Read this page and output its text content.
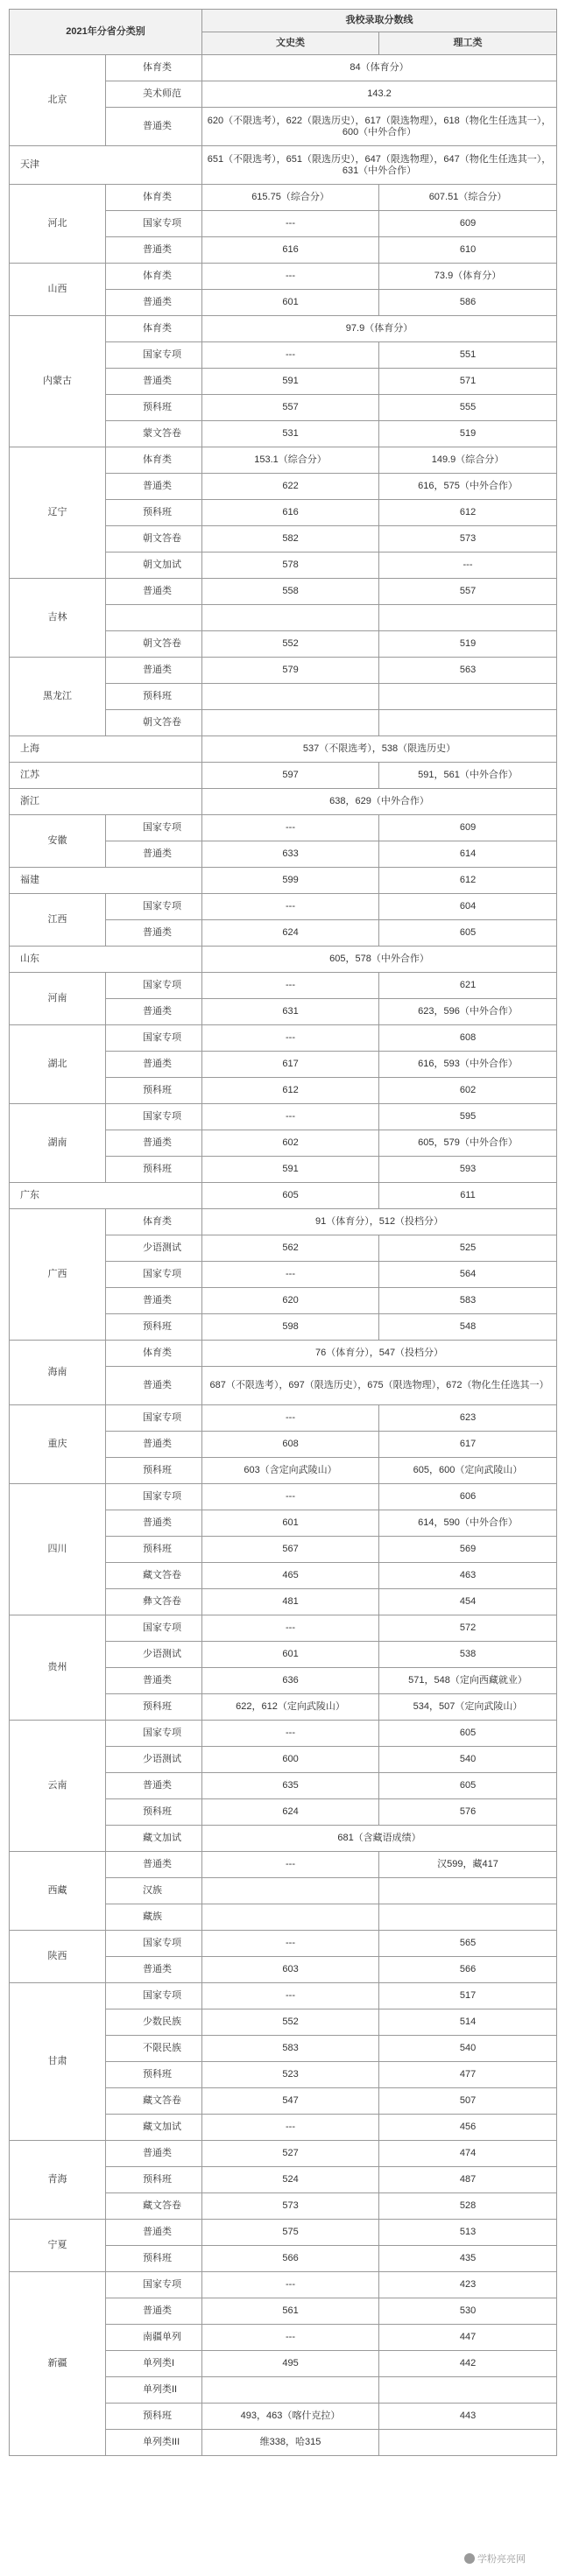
2021年分省分类别		我校录取分数线	
		文史类	理工类
北京	体育类	84（体育分）	
	美术师范	143.2	
	普通类	620（不限选考），622（限选历史），617（限选物理），618（物化生任选其一），600（中外合作）	
天津		651（不限选考），651（限选历史），647（限选物理），647（物化生任选其一），631（中外合作）	
河北	体育类	615.75（综合分）	607.51（综合分）
	国家专项	---	609
	普通类	616	610
山西	体育类	---	73.9（体育分）
	普通类	601	586
内蒙古	体育类	97.9（体育分）	
	国家专项	---	551
	普通类	591	571
	预科班	557	555
	蒙文答卷	531	519
辽宁	体育类	153.1（综合分）	149.9（综合分）
	普通类	622	616，575（中外合作）
	预科班	616	612
	朝文答卷	582	573
	朝文加试	578	---
吉林	普通类	558	557

	朝文答卷	552	519
黑龙江	普通类	579	563
	预科班		
	朝文答卷		
上海		537（不限选考），538（限选历史）	
江苏		597	591，561（中外合作）
浙江		638，629（中外合作）	
安徽	国家专项	---	609
	普通类	633	614
福建		599	612
江西	国家专项	---	604
	普通类	624	605
山东		605，578（中外合作）	
河南	国家专项	---	621
	普通类	631	623，596（中外合作）
湖北	国家专项	---	608
	普通类	617	616，593（中外合作）
	预科班	612	602
湖南	国家专项	---	595
	普通类	602	605，579（中外合作）
	预科班	591	593
广东		605	611
广西	体育类	91（体育分），512（投档分）	
	少语测试	562	525
	国家专项	---	564
	普通类	620	583
	预科班	598	548
海南	体育类	76（体育分），547（投档分）	
	普通类	687（不限选考），697（限选历史），675（限选物理），672（物化生任选其一）	
重庆	国家专项	---	623
	普通类	608	617
	预科班	603（含定向武陵山）	605，600（定向武陵山）
四川	国家专项	---	606
	普通类	601	614，590（中外合作）
	预科班	567	569
	藏文答卷	465	463
	彝文答卷	481	454
贵州	国家专项	---	572
	少语测试	601	538
	普通类	636	571，548（定向西藏就业）
	预科班	622，612（定向武陵山）	534，507（定向武陵山）
云南	国家专项	---	605
	少语测试	600	540
	普通类	635	605
	预科班	624	576
	藏文加试	681（含藏语成绩）	
西藏	普通类	---	汉599，藏417
	汉族		
	藏族		
陕西	国家专项	---	565
	普通类	603	566
甘肃	国家专项	---	517
	少数民族	552	514
	不限民族	583	540
	预科班	523	477
	藏文答卷	547	507
	藏文加试	---	456
青海	普通类	527	474
	预科班	524	487
	藏文答卷	573	528
宁夏	普通类	575	513
	预科班	566	435
新疆	国家专项	---	423
	普通类	561	530
	南疆单列	---	447
	单列类I	495	442
	单列类II		
	预科班	493，463（喀什克拉）	443
	单列类III	维338，哈315	
学粉亮亮网
